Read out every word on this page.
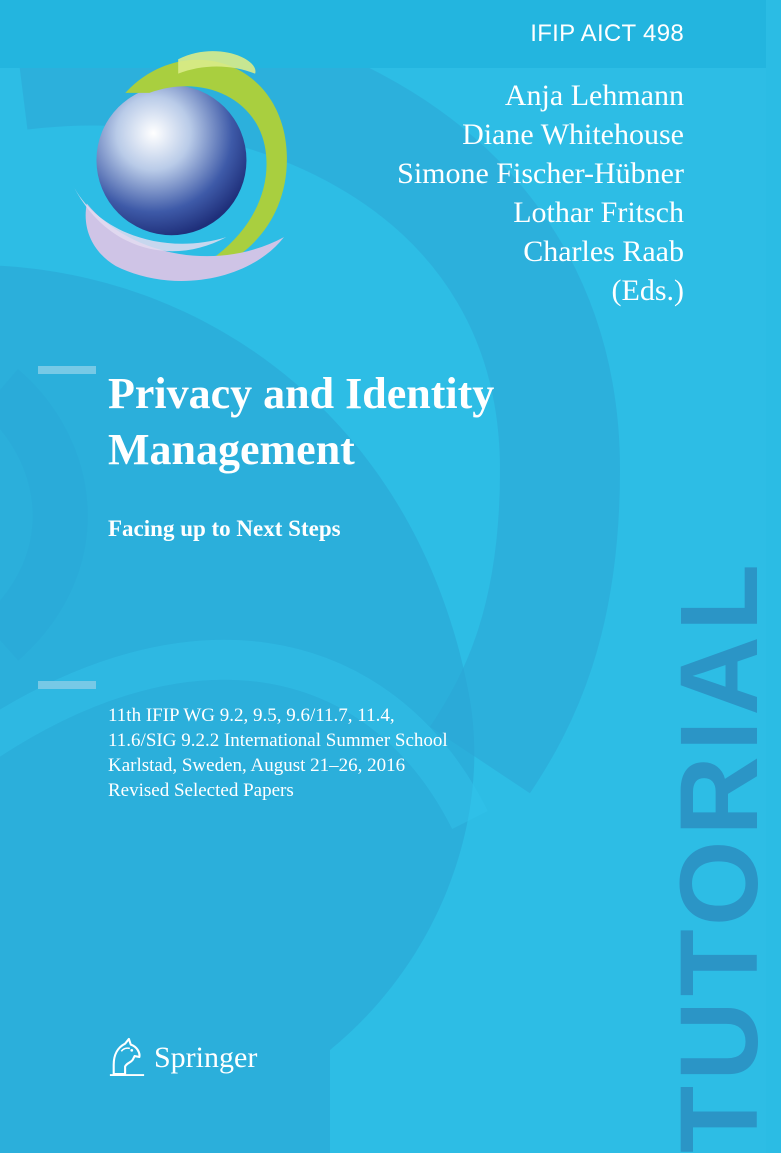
IFIP AICT 498
Anja Lehmann
Diane Whitehouse
Simone Fischer-Hübner
Lothar Fritsch
Charles Raab
(Eds.)
Privacy and Identity
Management
Facing up to Next Steps
11th IFIP WG 9.2, 9.5, 9.6/11.7, 11.4,
11.6/SIG 9.2.2 International Summer School
Karlstad, Sweden, August 21–26, 2016
Revised Selected Papers	TUTORIAL
Springer
